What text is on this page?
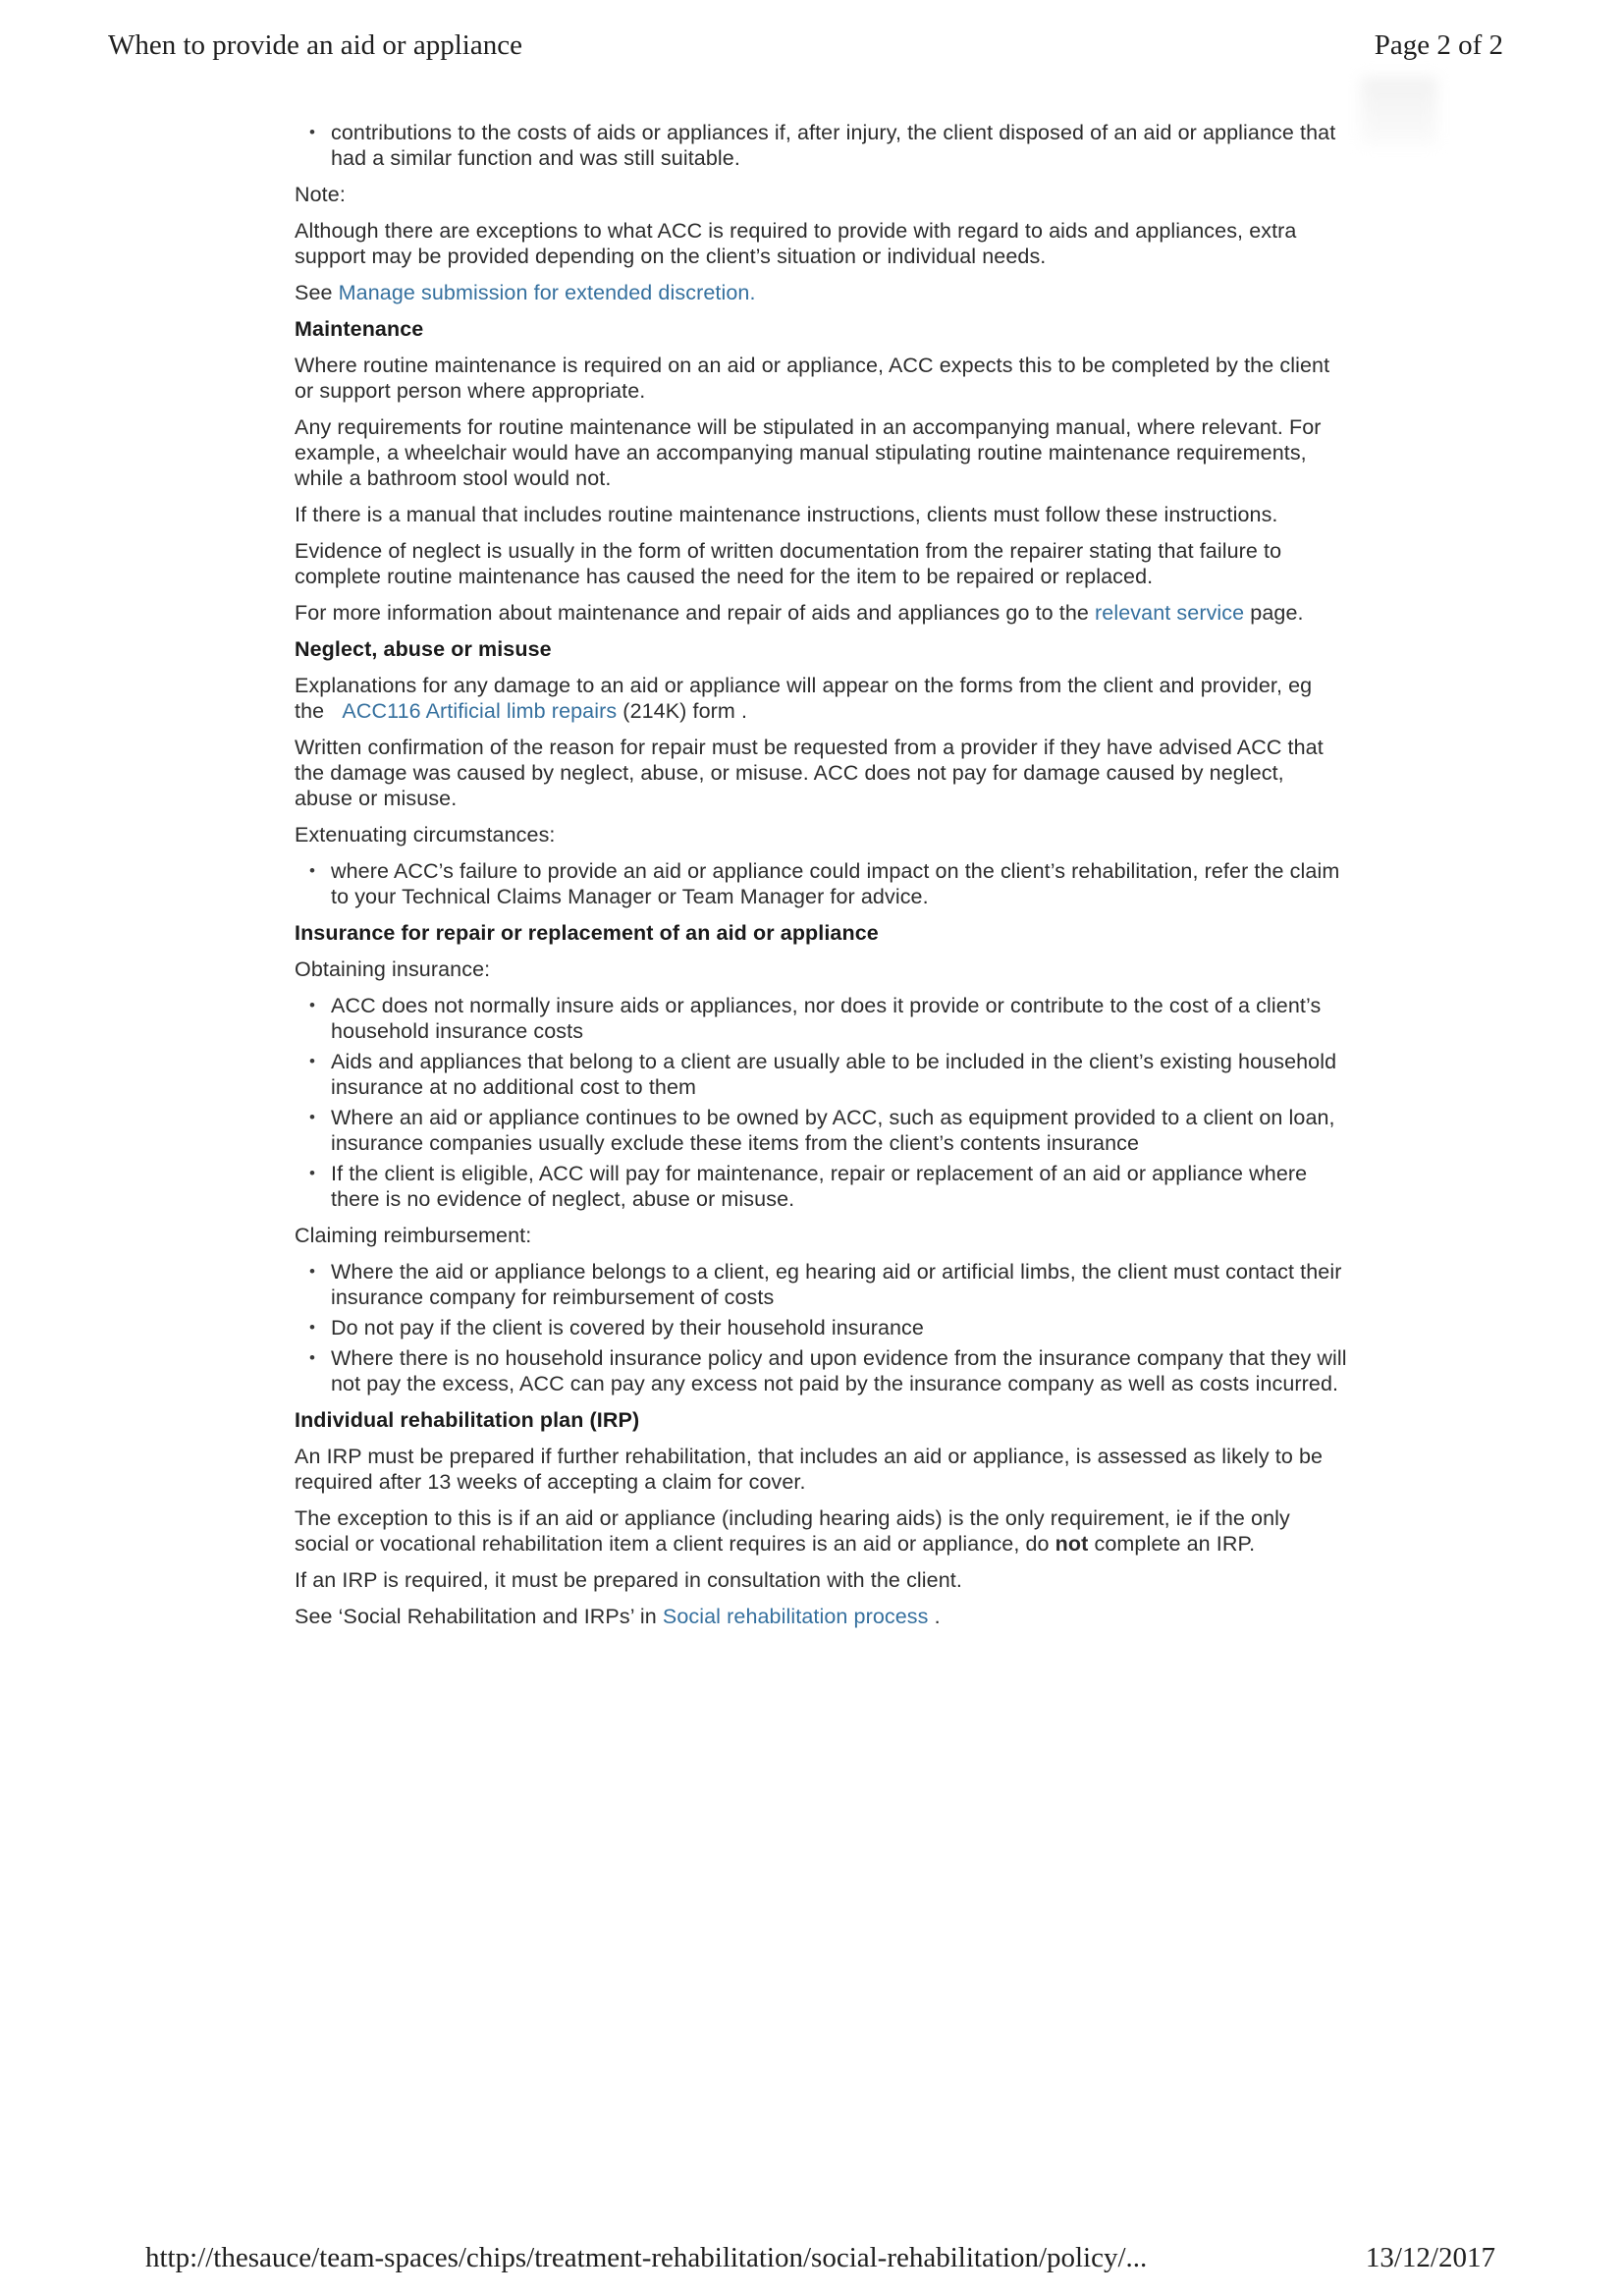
When to provide an aid or appliance	Page 2 of 2
• contributions to the costs of aids or appliances if, after injury, the client disposed of an aid or appliance that had a similar function and was still suitable.
Note:
Although there are exceptions to what ACC is required to provide with regard to aids and appliances, extra support may be provided depending on the client’s situation or individual needs.
See Manage submission for extended discretion.
Maintenance
Where routine maintenance is required on an aid or appliance, ACC expects this to be completed by the client or support person where appropriate.
Any requirements for routine maintenance will be stipulated in an accompanying manual, where relevant. For example, a wheelchair would have an accompanying manual stipulating routine maintenance requirements, while a bathroom stool would not.
If there is a manual that includes routine maintenance instructions, clients must follow these instructions.
Evidence of neglect is usually in the form of written documentation from the repairer stating that failure to complete routine maintenance has caused the need for the item to be repaired or replaced.
For more information about maintenance and repair of aids and appliances go to the relevant service page.
Neglect, abuse or misuse
Explanations for any damage to an aid or appliance will appear on the forms from the client and provider, eg the   ACC116 Artificial limb repairs (214K) form .
Written confirmation of the reason for repair must be requested from a provider if they have advised ACC that the damage was caused by neglect, abuse, or misuse. ACC does not pay for damage caused by neglect, abuse or misuse.
Extenuating circumstances:
• where ACC’s failure to provide an aid or appliance could impact on the client’s rehabilitation, refer the claim to your Technical Claims Manager or Team Manager for advice.
Insurance for repair or replacement of an aid or appliance
Obtaining insurance:
• ACC does not normally insure aids or appliances, nor does it provide or contribute to the cost of a client’s household insurance costs
• Aids and appliances that belong to a client are usually able to be included in the client’s existing household insurance at no additional cost to them
• Where an aid or appliance continues to be owned by ACC, such as equipment provided to a client on loan, insurance companies usually exclude these items from the client’s contents insurance
• If the client is eligible, ACC will pay for maintenance, repair or replacement of an aid or appliance where there is no evidence of neglect, abuse or misuse.
Claiming reimbursement:
• Where the aid or appliance belongs to a client, eg hearing aid or artificial limbs, the client must contact their insurance company for reimbursement of costs
• Do not pay if the client is covered by their household insurance
• Where there is no household insurance policy and upon evidence from the insurance company that they will not pay the excess, ACC can pay any excess not paid by the insurance company as well as costs incurred.
Individual rehabilitation plan (IRP)
An IRP must be prepared if further rehabilitation, that includes an aid or appliance, is assessed as likely to be required after 13 weeks of accepting a claim for cover.
The exception to this is if an aid or appliance (including hearing aids) is the only requirement, ie if the only social or vocational rehabilitation item a client requires is an aid or appliance, do not complete an IRP.
If an IRP is required, it must be prepared in consultation with the client.
See ‘Social Rehabilitation and IRPs’ in Social rehabilitation process .
http://thesauce/team-spaces/chips/treatment-rehabilitation/social-rehabilitation/policy/...	13/12/2017
